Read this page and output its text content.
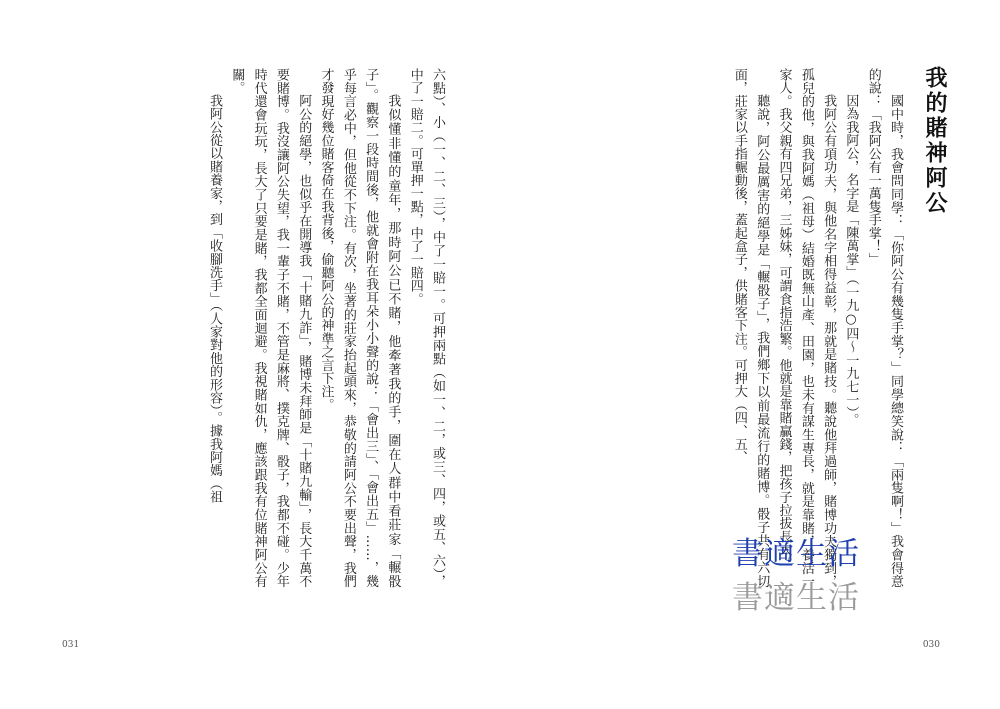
六點）、小（一、二、三），中了一賠一。可押兩點（如一、二，或三、四，或五、六），中了一賠二。可單押一點，中了一賠四。

我似懂非懂的童年，那時阿公已不賭，他牽著我的手，圍在人群中看莊家「輾骰子」。觀察一段時間後，他就會附在我耳朵小小聲的說：「會出三」、「會出五」……，幾乎每言必中，但他從不下注。有次，坐著的莊家抬起頭來，恭敬的請阿公不要出聲，我們才發現好幾位賭客倚在我背後，偷聽阿公的神準之言下注。

阿公的絕學，也似乎在開導我「十賭九詐」，賭博未拜師是「十賭九輸」，長大千萬不要賭博。我沒讓阿公失望，我一輩子不賭，不管是麻將、撲克牌、骰子，我都不碰。少年時代還會玩玩，長大了只要是賭，我都全面迴避。我視賭如仇，應該跟我有位賭神阿公有關。

我阿公從以賭養家，到「收腳洗手」（人家對他的形容）。據我阿媽（祖

031
我的賭神阿公

國中時，我會問同學：「你阿公有幾隻手掌？」同學總笑說：「兩隻啊！」我會得意的說：「我阿公有一萬隻手掌！」

因為我阿公，名字是「陳萬掌」（一九○四～一九七一）。

我阿公有項功夫，與他名字相得益彰，那就是賭技。聽說他拜過師，賭博功夫獨到，孤兒的他，與我阿媽（祖母）結婚既無山產、田園，也未有謀生專長，就是靠賭，養活一家人。我父親有四兄弟，三姊妹，可謂食指浩繁。他就是靠賭贏錢，把孩子拉拔長大。

聽說，阿公最厲害的絕學是「輾骰子」，我們鄉下以前最流行的賭博。骰子共有六切面，莊家以手指輾動後，蓋起盒子，供賭客下注。可押大（四、五、

書適生活
書適生活
030
